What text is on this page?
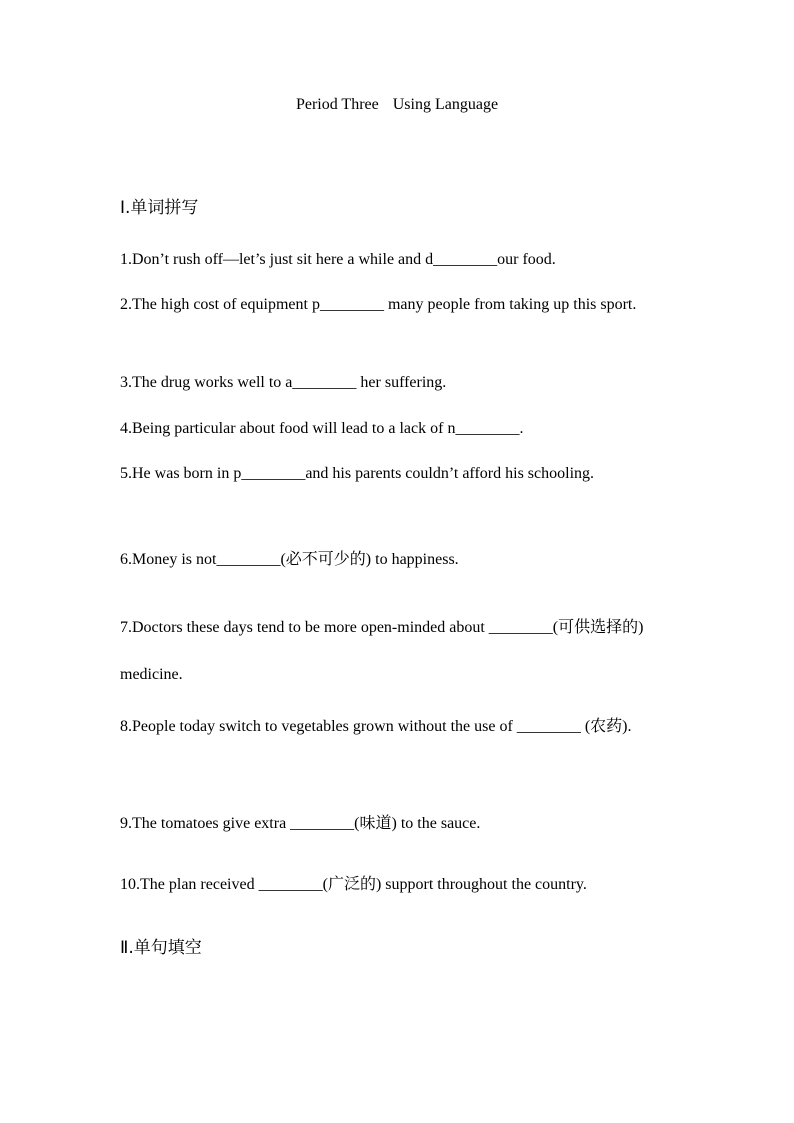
Period Three Using Language
Ⅰ.单词拼写
1.Don’t rush off—let’s just sit here a while and d________our food.
2.The high cost of equipment p________ many people from taking up this sport.
3.The drug works well to a________ her suffering.
4.Being particular about food will lead to a lack of n________.
5.He was born in p________and his parents couldn’t afford his schooling.
6.Money is not________(必不可少的) to happiness.
7.Doctors these days tend to be more open-minded about ________(可供选择的) medicine.
8.People today switch to vegetables grown without the use of ________ (农药).
9.The tomatoes give extra ________(味道) to the sauce.
10.The plan received ________(广泛的) support throughout the country.
Ⅱ.单句填空
